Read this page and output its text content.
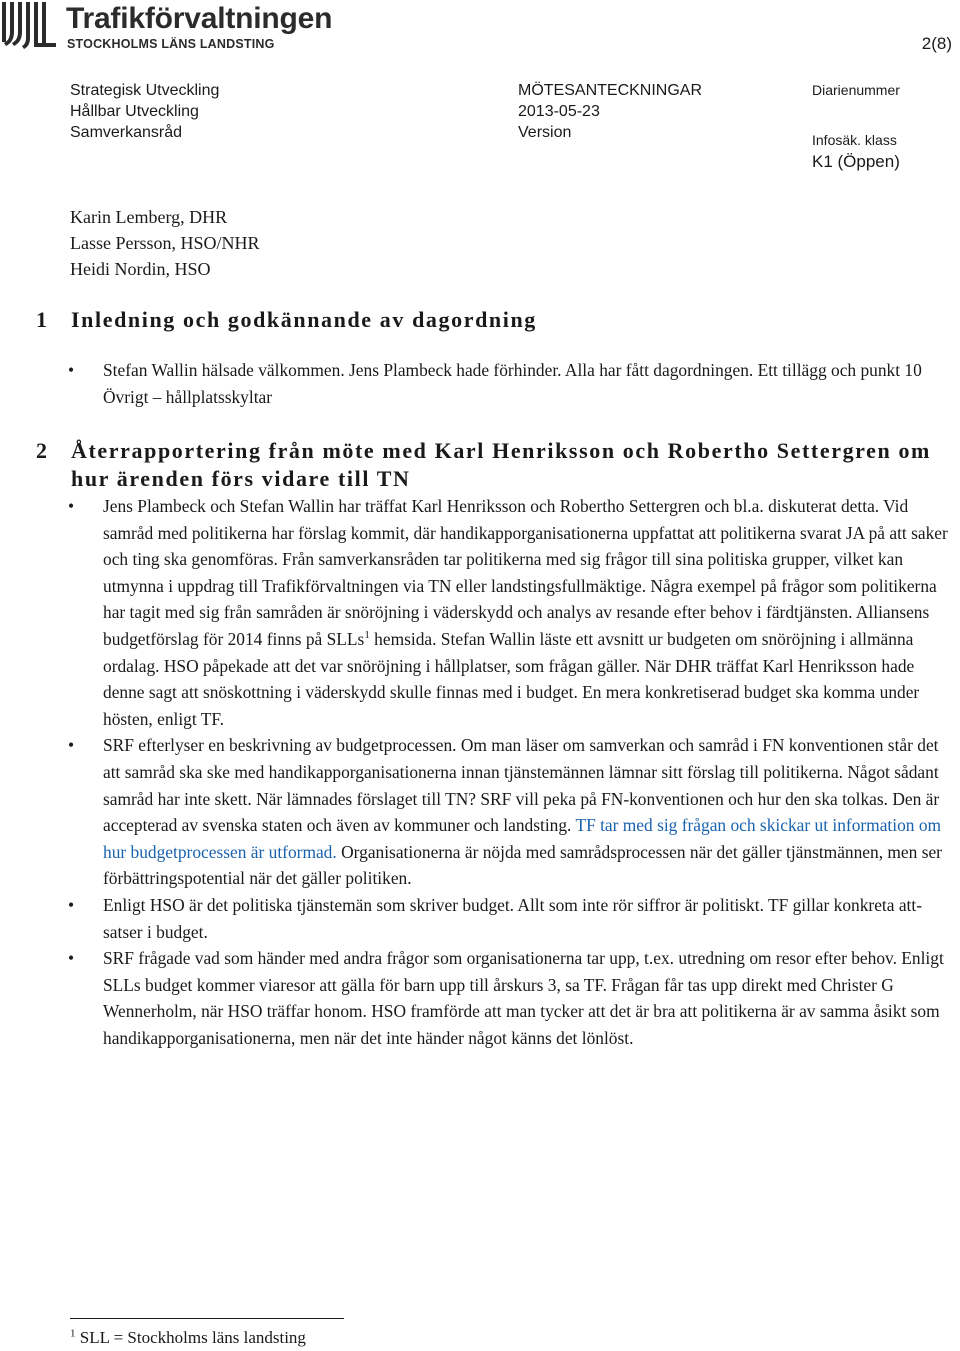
Trafikförvaltningen
STOCKHOLMS LÄNS LANDSTING	2(8)
Strategisk Utveckling
Hållbar Utveckling
Samverkansråd
MÖTESANTECKNINGAR
2013-05-23
Version
Diarienummer
Infosäk. klass
K1 (Öppen)
Karin Lemberg, DHR
Lasse Persson, HSO/NHR
Heidi Nordin, HSO
1 Inledning och godkännande av dagordning
• Stefan Wallin hälsade välkommen. Jens Plambeck hade förhinder. Alla har fått dagordningen. Ett tillägg och punkt 10 Övrigt – hållplatsskyltar
2 Återrapportering från möte med Karl Henriksson och Robertho Settergren om hur ärenden förs vidare till TN
• Jens Plambeck och Stefan Wallin har träffat Karl Henriksson och Robertho Settergren och bl.a. diskuterat detta. Vid samråd med politikerna har förslag kommit, där handikapporganisationerna uppfattat att politikerna svarat JA på att saker och ting ska genomföras. Från samverkansråden tar politikerna med sig frågor till sina politiska grupper, vilket kan utmynna i uppdrag till Trafikförvaltningen via TN eller landstingsfullmäktige. Några exempel på frågor som politikerna har tagit med sig från samråden är snöröjning i väderskydd och analys av resande efter behov i färdtjänsten. Alliansens budgetförslag för 2014 finns på SLLs$^1$ hemsida. Stefan Wallin läste ett avsnitt ur budgeten om snöröjning i allmänna ordalag. HSO påpekade att det var snöröjning i hållplatser, som frågan gäller. När DHR träffat Karl Henriksson hade denne sagt att snöskottning i väderskydd skulle finnas med i budget. En mera konkretiserad budget ska komma under hösten, enligt TF.
• SRF efterlyser en beskrivning av budgetprocessen. Om man läser om samverkan och samråd i FN konventionen står det att samråd ska ske med handikapporganisationerna innan tjänstemännen lämnar sitt förslag till politikerna. Något sådant samråd har inte skett. När lämnades förslaget till TN? SRF vill peka på FN-konventionen och hur den ska tolkas. Den är accepterad av svenska staten och även av kommuner och landsting. TF tar med sig frågan och skickar ut information om hur budgetprocessen är utformad. Organisationerna är nöjda med samrådsprocessen när det gäller tjänstmännen, men ser förbättringspotential när det gäller politiken.
• Enligt HSO är det politiska tjänstemän som skriver budget. Allt som inte rör siffror är politiskt. TF gillar konkreta att-satser i budget.
• SRF frågade vad som händer med andra frågor som organisationerna tar upp, t.ex. utredning om resor efter behov. Enligt SLLs budget kommer viaresor att gälla för barn upp till årskurs 3, sa TF. Frågan får tas upp direkt med Christer G Wennerholm, när HSO träffar honom. HSO framförde att man tycker att det är bra att politikerna är av samma åsikt som handikapporganisationerna, men när det inte händer något känns det lönlöst.
$^1$ SLL = Stockholms läns landsting
